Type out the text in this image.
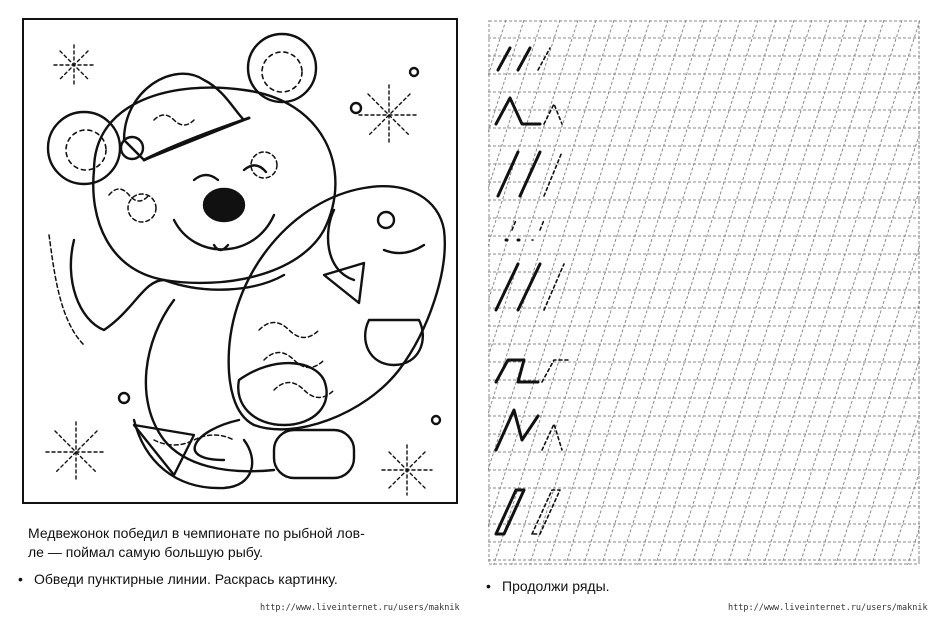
Медвежонок победил в чемпионате по рыбной лов-
ле — поймал самую большую рыбу.
• Обведи пунктирные линии. Раскрась картинку.
http://www.liveinternet.ru/users/maknik
• Продолжи ряды.
http://www.liveinternet.ru/users/maknik
